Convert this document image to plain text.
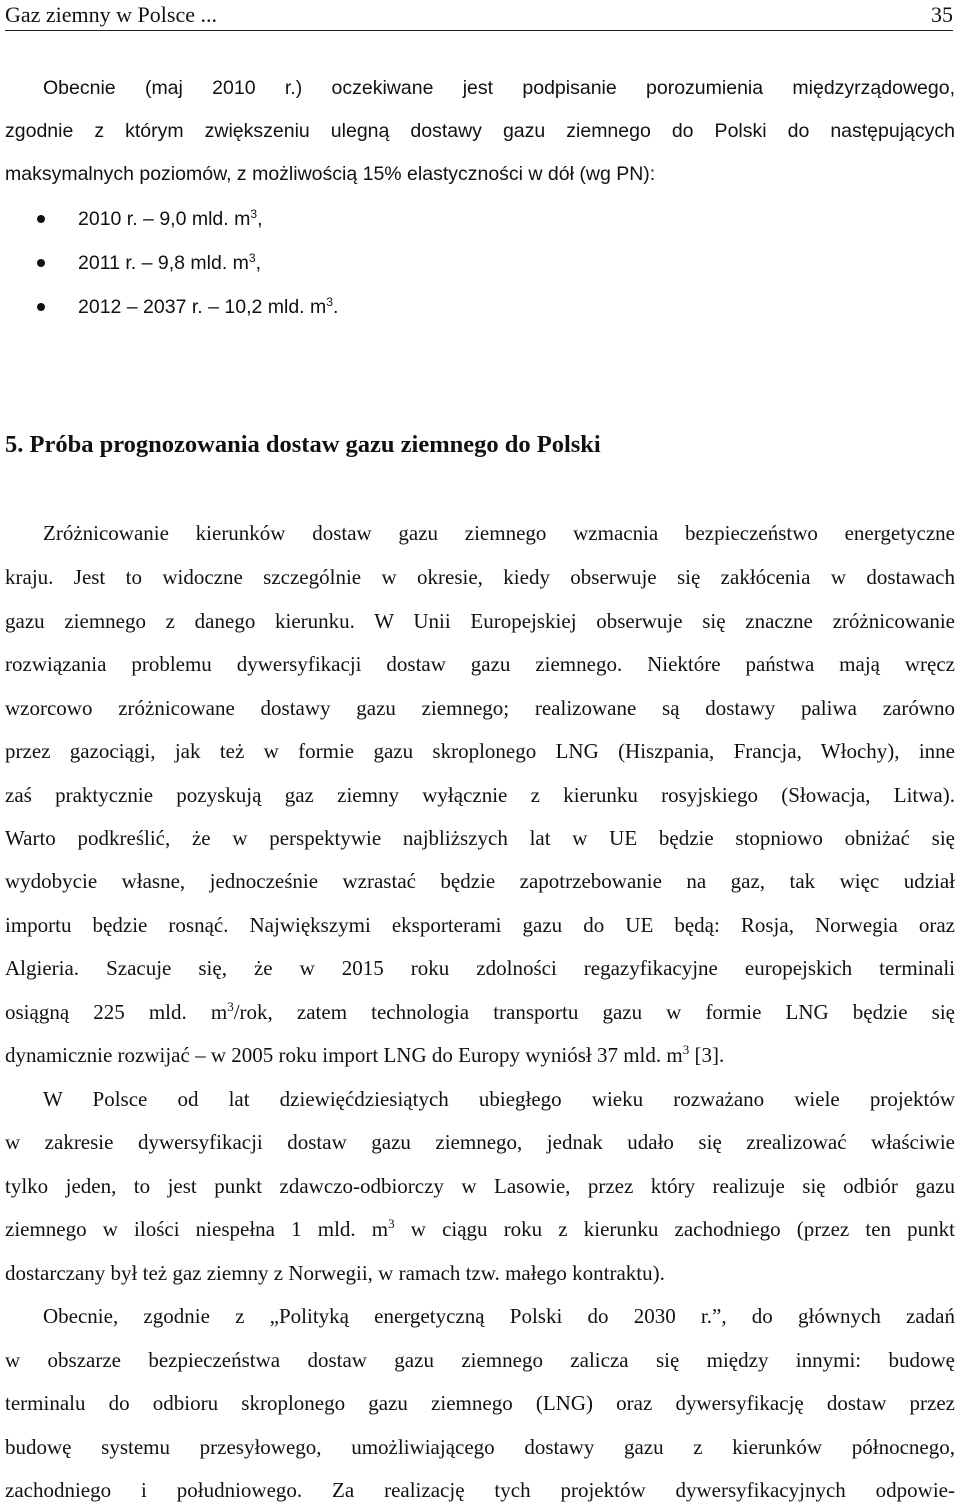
Gaz ziemny w Polsce ...	35
Obecnie (maj 2010 r.) oczekiwane jest podpisanie porozumienia międzyrządowego,
zgodnie z którym zwiększeniu ulegną dostawy gazu ziemnego do Polski do następujących
maksymalnych poziomów, z możliwością 15% elastyczności w dół (wg PN):
2010 r. – 9,0 mld. $m^3$,
2011 r. – 9,8 mld. $m^3$,
2012 – 2037 r. – 10,2 mld. $m^3$.
5. Próba prognozowania dostaw gazu ziemnego do Polski
Zróżnicowanie kierunków dostaw gazu ziemnego wzmacnia bezpieczeństwo energetyczne
kraju. Jest to widoczne szczególnie w okresie, kiedy obserwuje się zakłócenia w dostawach
gazu ziemnego z danego kierunku. W Unii Europejskiej obserwuje się znaczne zróżnicowanie
rozwiązania problemu dywersyfikacji dostaw gazu ziemnego. Niektóre państwa mają wręcz
wzorcowo zróżnicowane dostawy gazu ziemnego; realizowane są dostawy paliwa zarówno
przez gazociągi, jak też w formie gazu skroplonego LNG (Hiszpania, Francja, Włochy), inne
zaś praktycznie pozyskują gaz ziemny wyłącznie z kierunku rosyjskiego (Słowacja, Litwa).
Warto podkreślić, że w perspektywie najbliższych lat w UE będzie stopniowo obniżać się
wydobycie własne, jednocześnie wzrastać będzie zapotrzebowanie na gaz, tak więc udział
importu będzie rosnąć. Największymi eksporterami gazu do UE będą: Rosja, Norwegia oraz
Algieria. Szacuje się, że w 2015 roku zdolności regazyfikacyjne europejskich terminali
osiągną 225 mld. $m^3$/rok, zatem technologia transportu gazu w formie LNG będzie się
dynamicznie rozwijać – w 2005 roku import LNG do Europy wyniósł 37 mld. $m^3$ [3].
W Polsce od lat dziewięćdziesiątych ubiegłego wieku rozważano wiele projektów
w zakresie dywersyfikacji dostaw gazu ziemnego, jednak udało się zrealizować właściwie
tylko jeden, to jest punkt zdawczo-odbiorczy w Lasowie, przez który realizuje się odbiór gazu
ziemnego w ilości niespełna 1 mld. $m^3$ w ciągu roku z kierunku zachodniego (przez ten punkt
dostarczany był też gaz ziemny z Norwegii, w ramach tzw. małego kontraktu).
Obecnie, zgodnie z „Polityką energetyczną Polski do 2030 r.”, do głównych zadań
w obszarze bezpieczeństwa dostaw gazu ziemnego zalicza się między innymi: budowę
terminalu do odbioru skroplonego gazu ziemnego (LNG) oraz dywersyfikację dostaw przez
budowę systemu przesyłowego, umożliwiającego dostawy gazu z kierunków północnego,
zachodniego i południowego. Za realizację tych projektów dywersyfikacyjnych odpowie-
